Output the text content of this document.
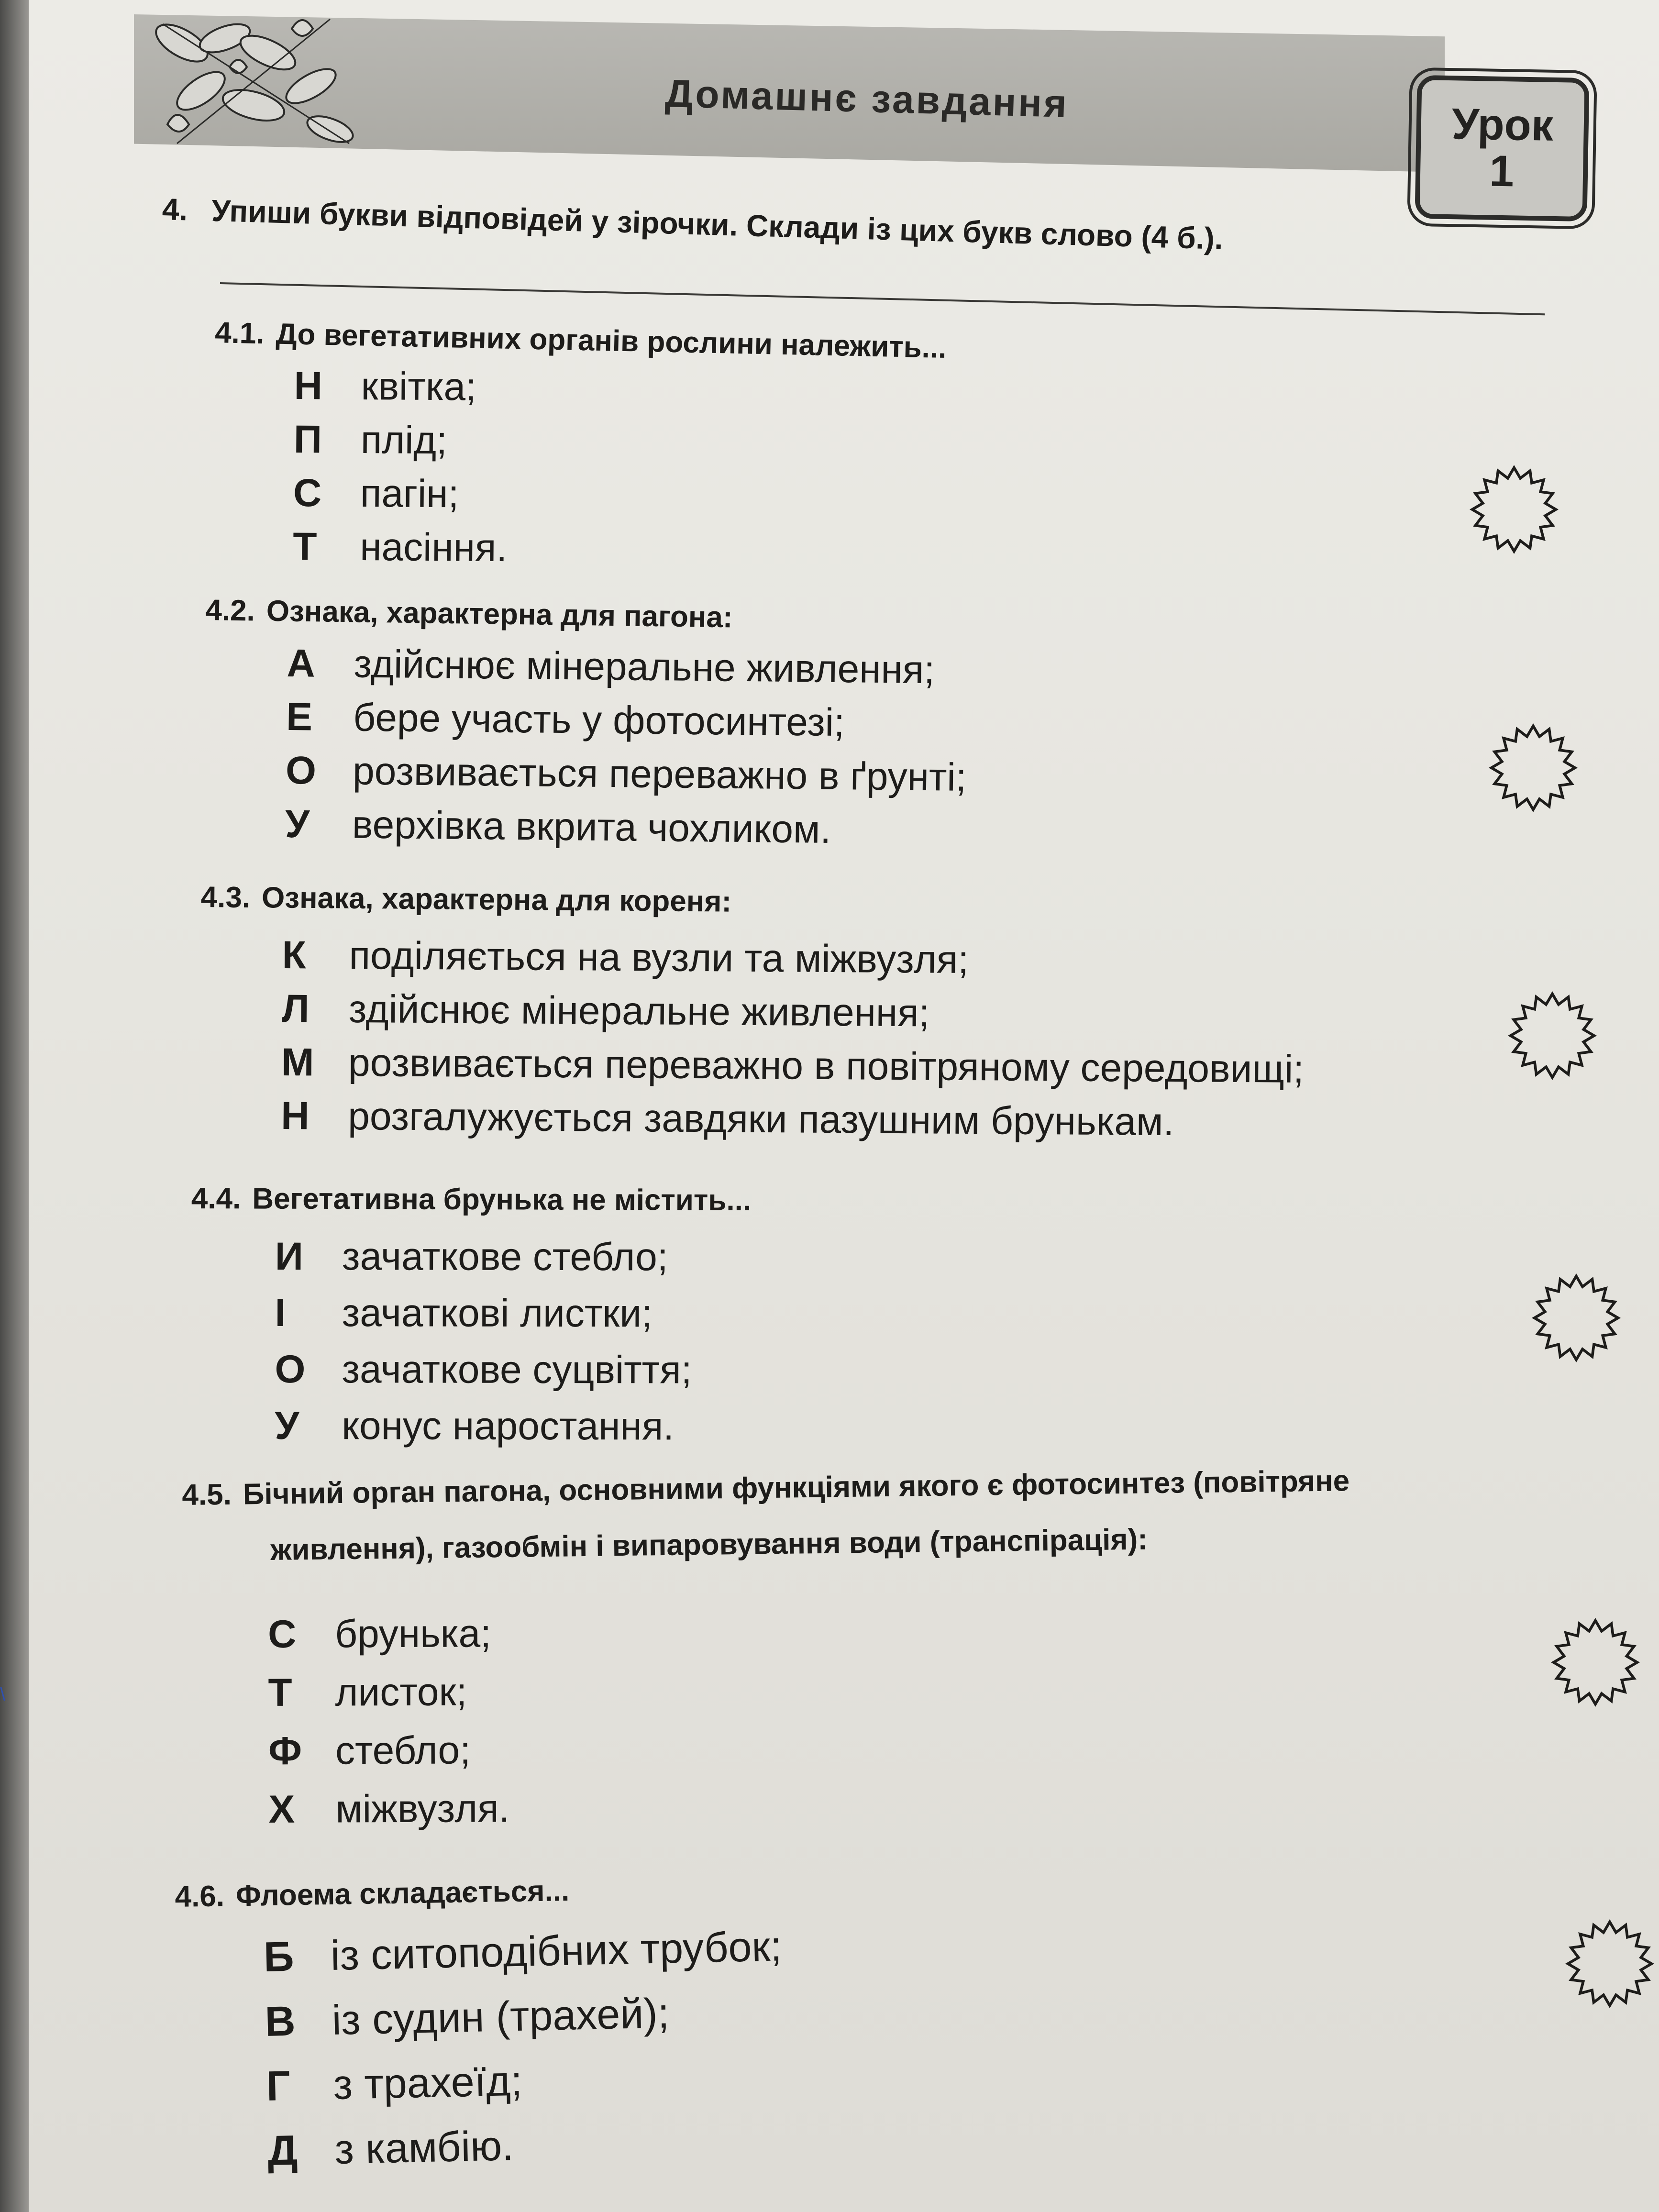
\
Домашнє завдання	Урок
1
4. Упиши букви відповідей у зірочки. Склади із цих букв слово (4 б.).
4.1. До вегетативних органів рослини належить...
Н квітка;
П плід;
С пагін;
Т	насіння.
4.2. Ознака, характерна для пагона:
А здійснює мінеральне живлення;
Е	бере участь у фотосинтезі;
О розвивається переважно в ґрунті;
У	верхівка вкрита чохликом.
4.3. Ознака, характерна для кореня:
К	поділяється на вузли та міжвузля;
Л здійснює мінеральне живлення;
М розвивається переважно в повітряному середовищі;
Н розгалужується завдяки пазушним брунькам.
4.4. Вегетативна брунька не містить...
И зачаткове стебло;
І	зачаткові листки;
О зачаткове суцвіття;
У	конус наростання.
4.5. Бічний орган пагона, основними функціями якого є фотосинтез (повітряне
живлення), газообмін і випаровування води (транспірація):
С брунька;
Т	листок;
Ф стебло;
Х	міжвузля.
4.6. Флоема складається...
Б із ситоподібних трубок;
В із судин (трахей);
Г	з трахеїд;
Д з камбію.
